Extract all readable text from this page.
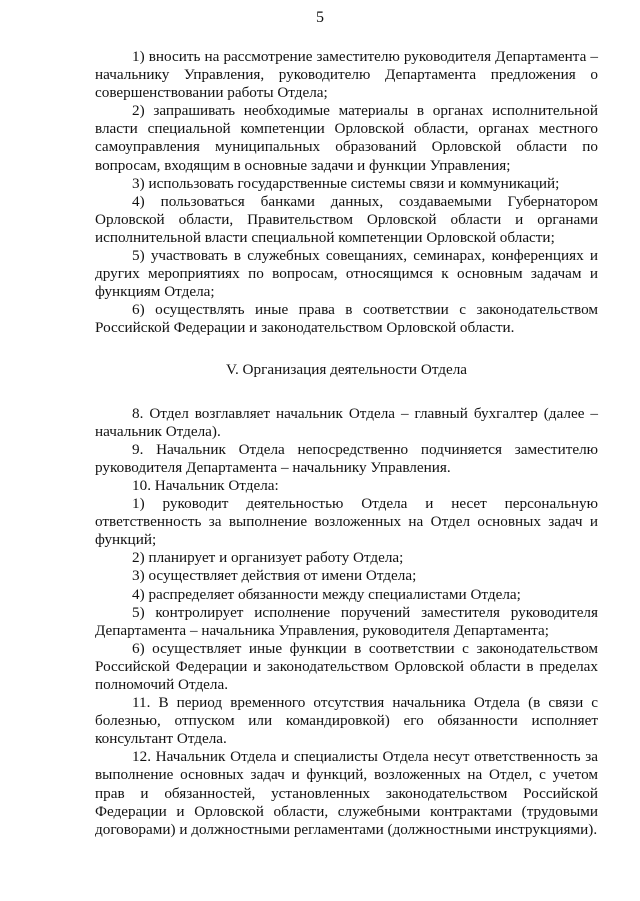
5

1) вносить на рассмотрение заместителю руководителя Департамента – начальнику Управления, руководителю Департамента предложения о совершенствовании работы Отдела;

2) запрашивать необходимые материалы в органах исполнительной власти специальной компетенции Орловской области, органах местного самоуправления муниципальных образований Орловской области по вопросам, входящим в основные задачи и функции Управления;

3) использовать государственные системы связи и коммуникаций;

4) пользоваться банками данных, создаваемыми Губернатором Орловской области, Правительством Орловской области и органами исполнительной власти специальной компетенции Орловской области;

5) участвовать в служебных совещаниях, семинарах, конференциях и других мероприятиях по вопросам, относящимся к основным задачам и функциям Отдела;

6) осуществлять иные права в соответствии с законодательством Российской Федерации и законодательством Орловской области.

V. Организация деятельности Отдела

8. Отдел возглавляет начальник Отдела – главный бухгалтер (далее – начальник Отдела).

9. Начальник Отдела непосредственно подчиняется заместителю руководителя Департамента – начальнику Управления.

10. Начальник Отдела:

1) руководит деятельностью Отдела и несет персональную ответственность за выполнение возложенных на Отдел основных задач и функций;

2) планирует и организует работу Отдела;

3) осуществляет действия от имени Отдела;

4) распределяет обязанности между специалистами Отдела;

5) контролирует исполнение поручений заместителя руководителя Департамента – начальника Управления, руководителя Департамента;

6) осуществляет иные функции в соответствии с законодательством Российской Федерации и законодательством Орловской области в пределах полномочий Отдела.

11. В период временного отсутствия начальника Отдела (в связи с болезнью, отпуском или командировкой) его обязанности исполняет консультант Отдела.

12. Начальник Отдела и специалисты Отдела несут ответственность за выполнение основных задач и функций, возложенных на Отдел, с учетом прав и обязанностей, установленных законодательством Российской Федерации и Орловской области, служебными контрактами (трудовыми договорами) и должностными регламентами (должностными инструкциями).
